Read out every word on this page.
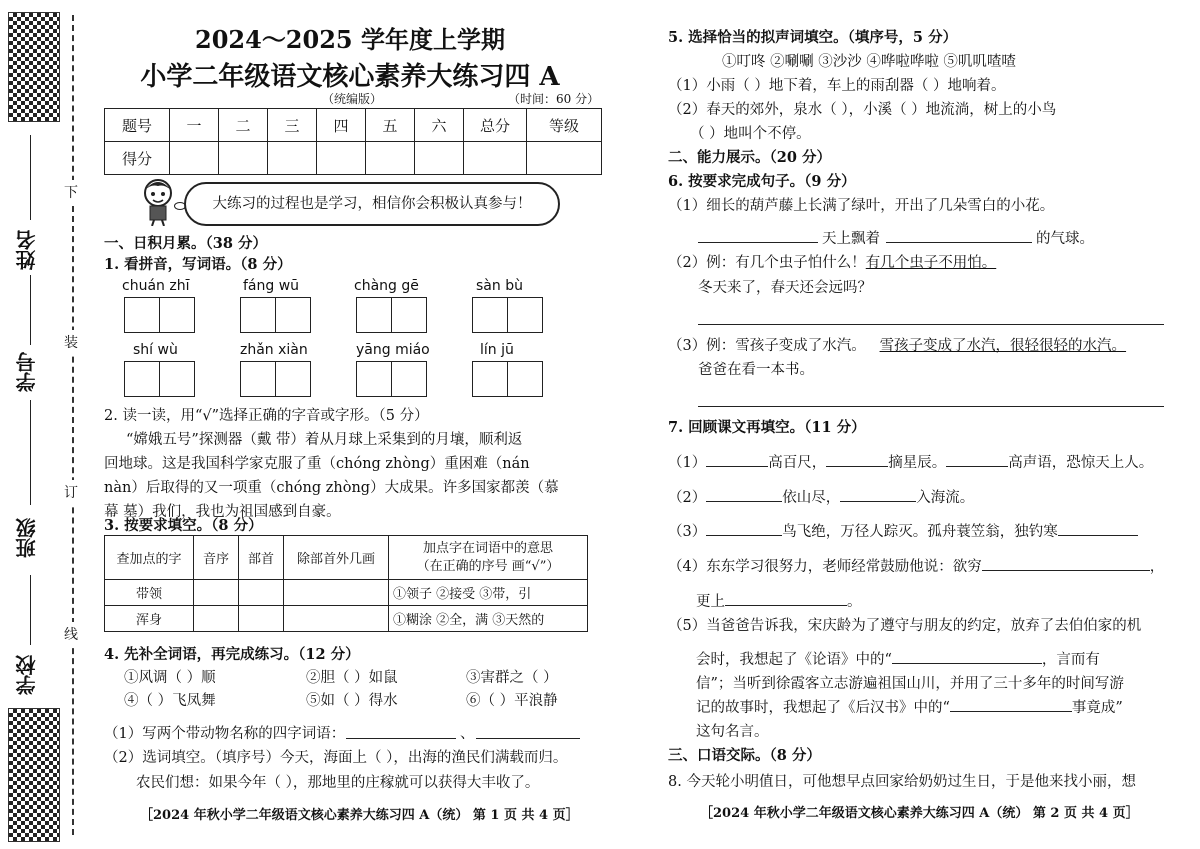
姓名
学号
班级
学校
下
装
订
线
2024～2025 学年度上学期
小学二年级语文核心素养大练习四 A
（统编版）	（时间：60 分）
题号	一	二	三	四	五	六	总分	等级
得分								
大练习的过程也是学习，相信你会积极认真参与！
一、日积月累。（38 分）
1. 看拼音，写词语。（8 分）
chuán zhī	fáng wū	chàng gē	sàn bù
shí wù	zhǎn xiàn	yāng miáo	lín jū
2. 读一读，用“√”选择正确的字音或字形。（5 分）
“嫦娥五号”探测器（戴 带）着从月球上采集到的月壤，顺利返
回地球。这是我国科学家克服了重（chóng zhòng）重困难（nán
nàn）后取得的又一项重（chóng zhòng）大成果。许多国家都羡（慕
幕 墓）我们，我也为祖国感到自豪。
3. 按要求填空。（8 分）
查加点的字	音序	部首	除部首外几画	加点字在词语中的意思
（在正确的序号 画“√”）

带领				①领子 ②接受 ③带，引
浑身				①糊涂 ②全，满 ③天然的
4. 先补全词语，再完成练习。（12 分）
①风调（ ）顺	②胆（ ）如鼠	③害群之（ ）
④（ ）飞凤舞	⑤如（ ）得水	⑥（ ）平浪静
（1）写两个带动物名称的四字词语：	、
（2）选词填空。（填序号）今天，海面上（ ），出海的渔民们满载而归。
农民们想：如果今年（ ），那地里的庄稼就可以获得大丰收了。
［2024 年秋小学二年级语文核心素养大练习四 A（统） 第 1 页 共 4 页］
5. 选择恰当的拟声词填空。（填序号，5 分）
①叮咚 ②唰唰 ③沙沙 ④哗啦哗啦 ⑤叽叽喳喳
（1）小雨（ ）地下着，车上的雨刮器（ ）地响着。
（2）春天的郊外，泉水（ ），小溪（ ）地流淌，树上的小鸟
（ ）地叫个不停。
二、能力展示。（20 分）
6. 按要求完成句子。（9 分）
（1）细长的葫芦藤上长满了绿叶，开出了几朵雪白的小花。
天上飘着	的气球。
（2）例：有几个虫子怕什么！有几个虫子不用怕。
冬天来了，春天还会远吗？
（3）例：雪孩子变成了水汽。 雪孩子变成了水汽，很轻很轻的水汽。
爸爸在看一本书。
7. 回顾课文再填空。（11 分）
（1）	高百尺，	摘星辰。	高声语，恐惊天上人。
（2）	依山尽，	入海流。
（3）	鸟飞绝，万径人踪灭。孤舟蓑笠翁，独钓寒
（4）东东学习很努力，老师经常鼓励他说：欲穷	，
更上	。
（5）当爸爸告诉我，宋庆龄为了遵守与朋友的约定，放弃了去伯伯家的机
会时，我想起了《论语》中的“	，言而有
信”；当听到徐霞客立志游遍祖国山川，并用了三十多年的时间写游
记的故事时，我想起了《后汉书》中的“	事竟成”
这句名言。
三、口语交际。（8 分）
8. 今天轮小明值日，可他想早点回家给奶奶过生日，于是他来找小丽，想
［2024 年秋小学二年级语文核心素养大练习四 A（统） 第 2 页 共 4 页］
